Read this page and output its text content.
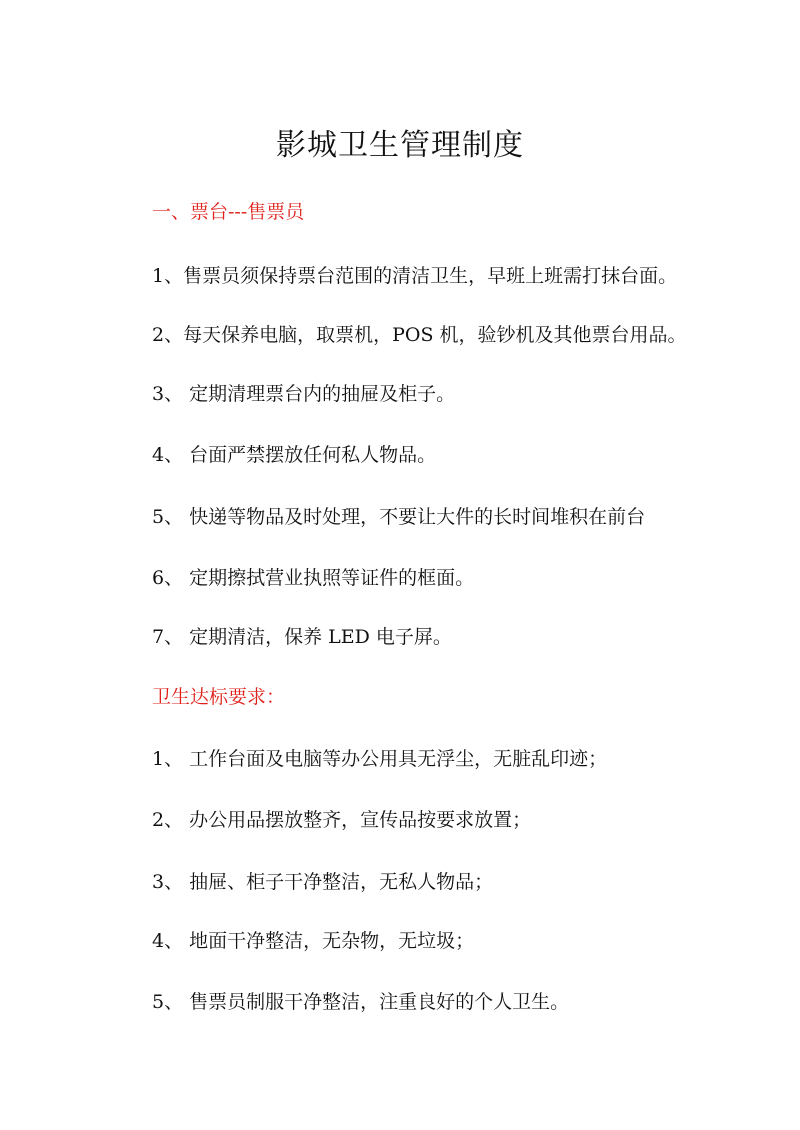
影城卫生管理制度
一、票台---售票员

1、售票员须保持票台范围的清洁卫生，早班上班需打抹台面。

2、每天保养电脑，取票机，POS 机，验钞机及其他票台用品。

3、 定期清理票台内的抽屉及柜子。

4、 台面严禁摆放任何私人物品。

5、 快递等物品及时处理，不要让大件的长时间堆积在前台

6、 定期擦拭营业执照等证件的框面。

7、 定期清洁，保养 LED 电子屏。

卫生达标要求：

1、 工作台面及电脑等办公用具无浮尘，无脏乱印迹；

2、 办公用品摆放整齐，宣传品按要求放置；

3、 抽屉、柜子干净整洁，无私人物品；

4、 地面干净整洁，无杂物，无垃圾；

5、 售票员制服干净整洁，注重良好的个人卫生。
